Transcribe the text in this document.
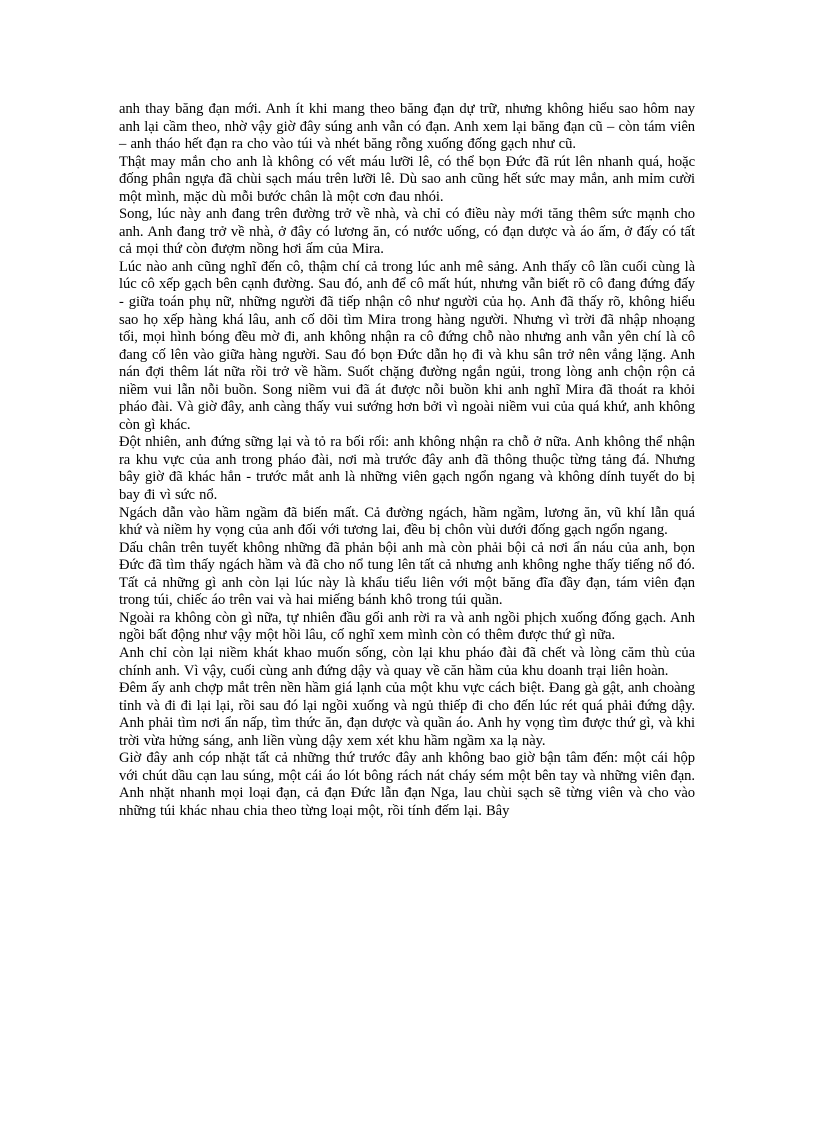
anh thay băng đạn mới. Anh ít khi mang theo băng đạn dự trữ, nhưng không hiểu sao hôm nay anh lại cầm theo, nhờ vậy giờ đây súng anh vẫn có đạn. Anh xem lại băng đạn cũ – còn tám viên – anh tháo hết đạn ra cho vào túi và nhét băng rỗng xuống đống gạch như cũ.

Thật may mắn cho anh là không có vết máu lưỡi lê, có thể bọn Đức đã rút lên nhanh quá, hoặc đống phân ngựa đã chùi sạch máu trên lưỡi lê. Dù sao anh cũng hết sức may mắn, anh mỉm cười một mình, mặc dù mỗi bước chân là một cơn đau nhói.

Song, lúc này anh đang trên đường trở về nhà, và chỉ có điều này mới tăng thêm sức mạnh cho anh. Anh đang trở về nhà, ở đây có lương ăn, có nước uống, có đạn dược và áo ấm, ở đấy có tất cả mọi thứ còn đượm nồng hơi ấm của Mira.

Lúc nào anh cũng nghĩ đến cô, thậm chí cả trong lúc anh mê sảng. Anh thấy cô lần cuối cùng là lúc cô xếp gạch bên cạnh đường. Sau đó, anh để cô mất hút, nhưng vẫn biết rõ cô đang đứng đấy - giữa toán phụ nữ, những người đã tiếp nhận cô như người của họ. Anh đã thấy rõ, không hiểu sao họ xếp hàng khá lâu, anh cố dõi tìm Mira trong hàng người. Nhưng vì trời đã nhập nhoạng tối, mọi hình bóng đều mờ đi, anh không nhận ra cô đứng chỗ nào nhưng anh vẫn yên chí là cô đang cố lên vào giữa hàng người. Sau đó bọn Đức dẫn họ đi và khu sân trở nên vắng lặng. Anh nán đợi thêm lát nữa rồi trở về hầm. Suốt chặng đường ngắn ngủi, trong lòng anh chộn rộn cả niềm vui lẫn nỗi buồn. Song niềm vui đã át được nỗi buồn khi anh nghĩ Mira đã thoát ra khỏi pháo đài. Và giờ đây, anh càng thấy vui sướng hơn bởi vì ngoài niềm vui của quá khứ, anh không còn gì khác.

Đột nhiên, anh đứng sững lại và tỏ ra bối rối: anh không nhận ra chỗ ở nữa. Anh không thể nhận ra khu vực của anh trong pháo đài, nơi mà trước đây anh đã thông thuộc từng tảng đá. Nhưng bây giờ đã khác hẳn - trước mắt anh là những viên gạch ngổn ngang và không dính tuyết do bị bay đi vì sức nổ.

Ngách dẫn vào hầm ngầm đã biến mất. Cả đường ngách, hầm ngầm, lương ăn, vũ khí lẫn quá khứ và niềm hy vọng của anh đối với tương lai, đều bị chôn vùi dưới đống gạch ngổn ngang.

Dấu chân trên tuyết không những đã phản bội anh mà còn phải bội cả nơi ẩn náu của anh, bọn Đức đã tìm thấy ngách hầm và đã cho nổ tung lên tất cả nhưng anh không nghe thấy tiếng nổ đó. Tất cả những gì anh còn lại lúc này là khẩu tiểu liên với một băng đĩa đầy đạn, tám viên đạn trong túi, chiếc áo trên vai và hai miếng bánh khô trong túi quần.

Ngoài ra không còn gì nữa, tự nhiên đầu gối anh rời ra và anh ngồi phịch xuống đống gạch. Anh ngồi bất động như vậy một hồi lâu, cố nghĩ xem mình còn có thêm được thứ gì nữa.

Anh chỉ còn lại niềm khát khao muốn sống, còn lại khu pháo đài đã chết và lòng căm thù của chính anh. Vì vậy, cuối cùng anh đứng dậy và quay về căn hầm của khu doanh trại liên hoàn.

Đêm ấy anh chợp mắt trên nền hầm giá lạnh của một khu vực cách biệt. Đang gà gật, anh choàng tỉnh và đi đi lại lại, rồi sau đó lại ngồi xuống và ngủ thiếp đi cho đến lúc rét quá phải đứng dậy. Anh phải tìm nơi ẩn nấp, tìm thức ăn, đạn dược và quần áo. Anh hy vọng tìm được thứ gì, và khi trời vừa hửng sáng, anh liền vùng dậy xem xét khu hầm ngầm xa lạ này.

Giờ đây anh cóp nhặt tất cả những thứ trước đây anh không bao giờ bận tâm đến: một cái hộp với chút dầu cạn lau súng, một cái áo lót bông rách nát cháy sém một bên tay và những viên đạn. Anh nhặt nhanh mọi loại đạn, cả đạn Đức lẫn đạn Nga, lau chùi sạch sẽ từng viên và cho vào những túi khác nhau chia theo từng loại một, rồi tính đếm lại. Bây
